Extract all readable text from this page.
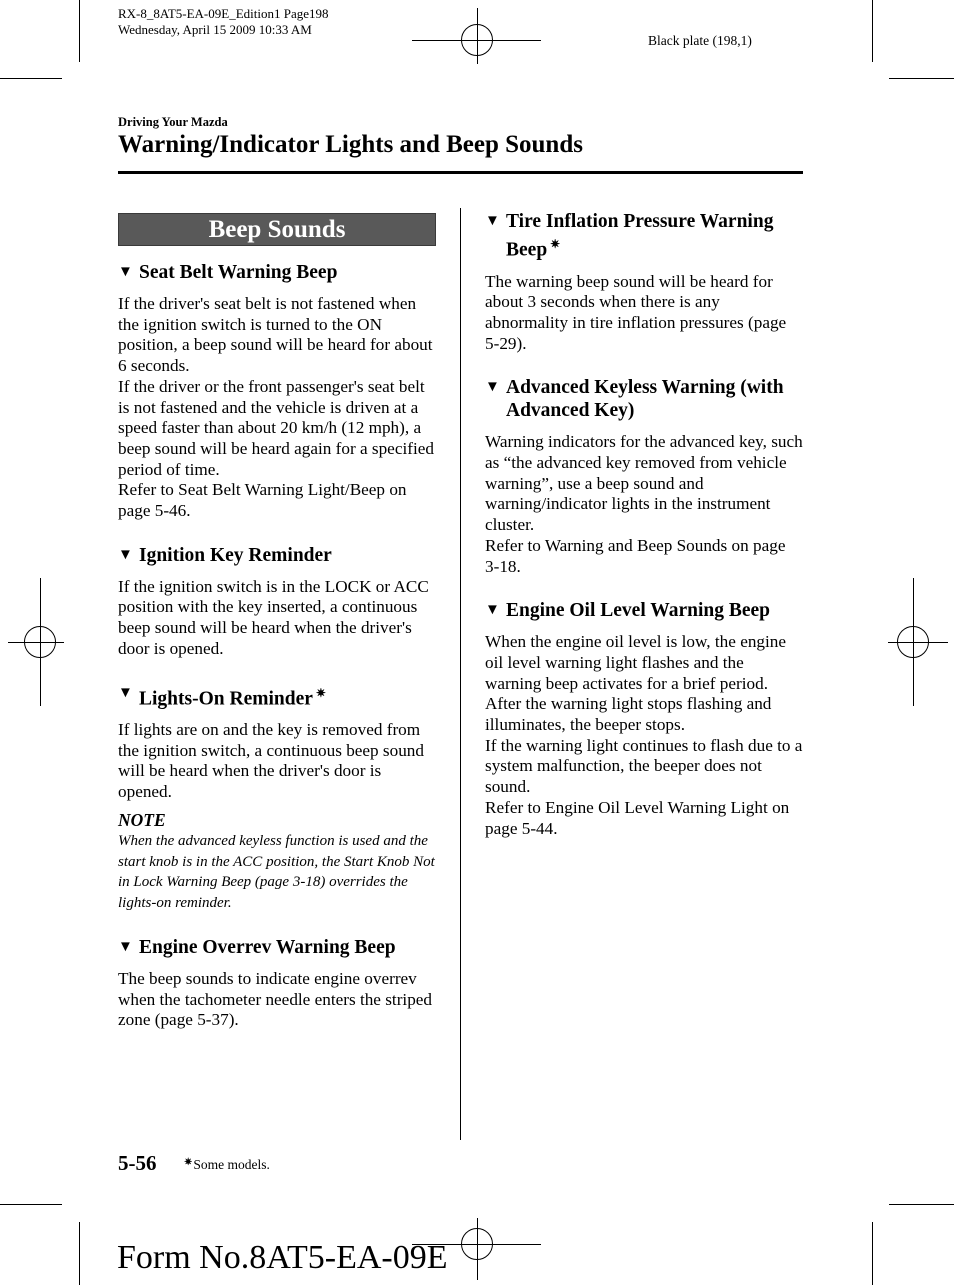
RX-8_8AT5-EA-09E_Edition1 Page198
Wednesday, April 15 2009 10:33 AM
Black plate (198,1)
Driving Your Mazda
Warning/Indicator Lights and Beep Sounds
Beep Sounds
▼ Seat Belt Warning Beep

If the driver's seat belt is not fastened when the ignition switch is turned to the ON position, a beep sound will be heard for about 6 seconds.

If the driver or the front passenger's seat belt is not fastened and the vehicle is driven at a speed faster than about 20 km/h (12 mph), a beep sound will be heard again for a specified period of time.

Refer to Seat Belt Warning Light/Beep on page 5-46.

▼ Ignition Key Reminder

If the ignition switch is in the LOCK or ACC position with the key inserted, a continuous beep sound will be heard when the driver's door is opened.

▼ Lights-On Reminder ✷

If lights are on and the key is removed from the ignition switch, a continuous beep sound will be heard when the driver's door is opened.

NOTE
When the advanced keyless function is used and the start knob is in the ACC position, the Start Knob Not in Lock Warning Beep (page 3-18) overrides the lights-on reminder.
▼ Engine Overrev Warning Beep

The beep sounds to indicate engine overrev when the tachometer needle enters the striped zone (page 5-37).

▼ Tire Inflation Pressure Warning Beep ✷

The warning beep sound will be heard for about 3 seconds when there is any abnormality in tire inflation pressures (page 5-29).

▼ Advanced Keyless Warning (with Advanced Key)

Warning indicators for the advanced key, such as “the advanced key removed from vehicle warning”, use a beep sound and warning/indicator lights in the instrument cluster.

Refer to Warning and Beep Sounds on page 3-18.

▼ Engine Oil Level Warning Beep

When the engine oil level is low, the engine oil level warning light flashes and the warning beep activates for a brief period. After the warning light stops flashing and illuminates, the beeper stops.

If the warning light continues to flash due to a system malfunction, the beeper does not sound.

Refer to Engine Oil Level Warning Light on page 5-44.

5-56	✷Some models.
Form No.8AT5-EA-09E
